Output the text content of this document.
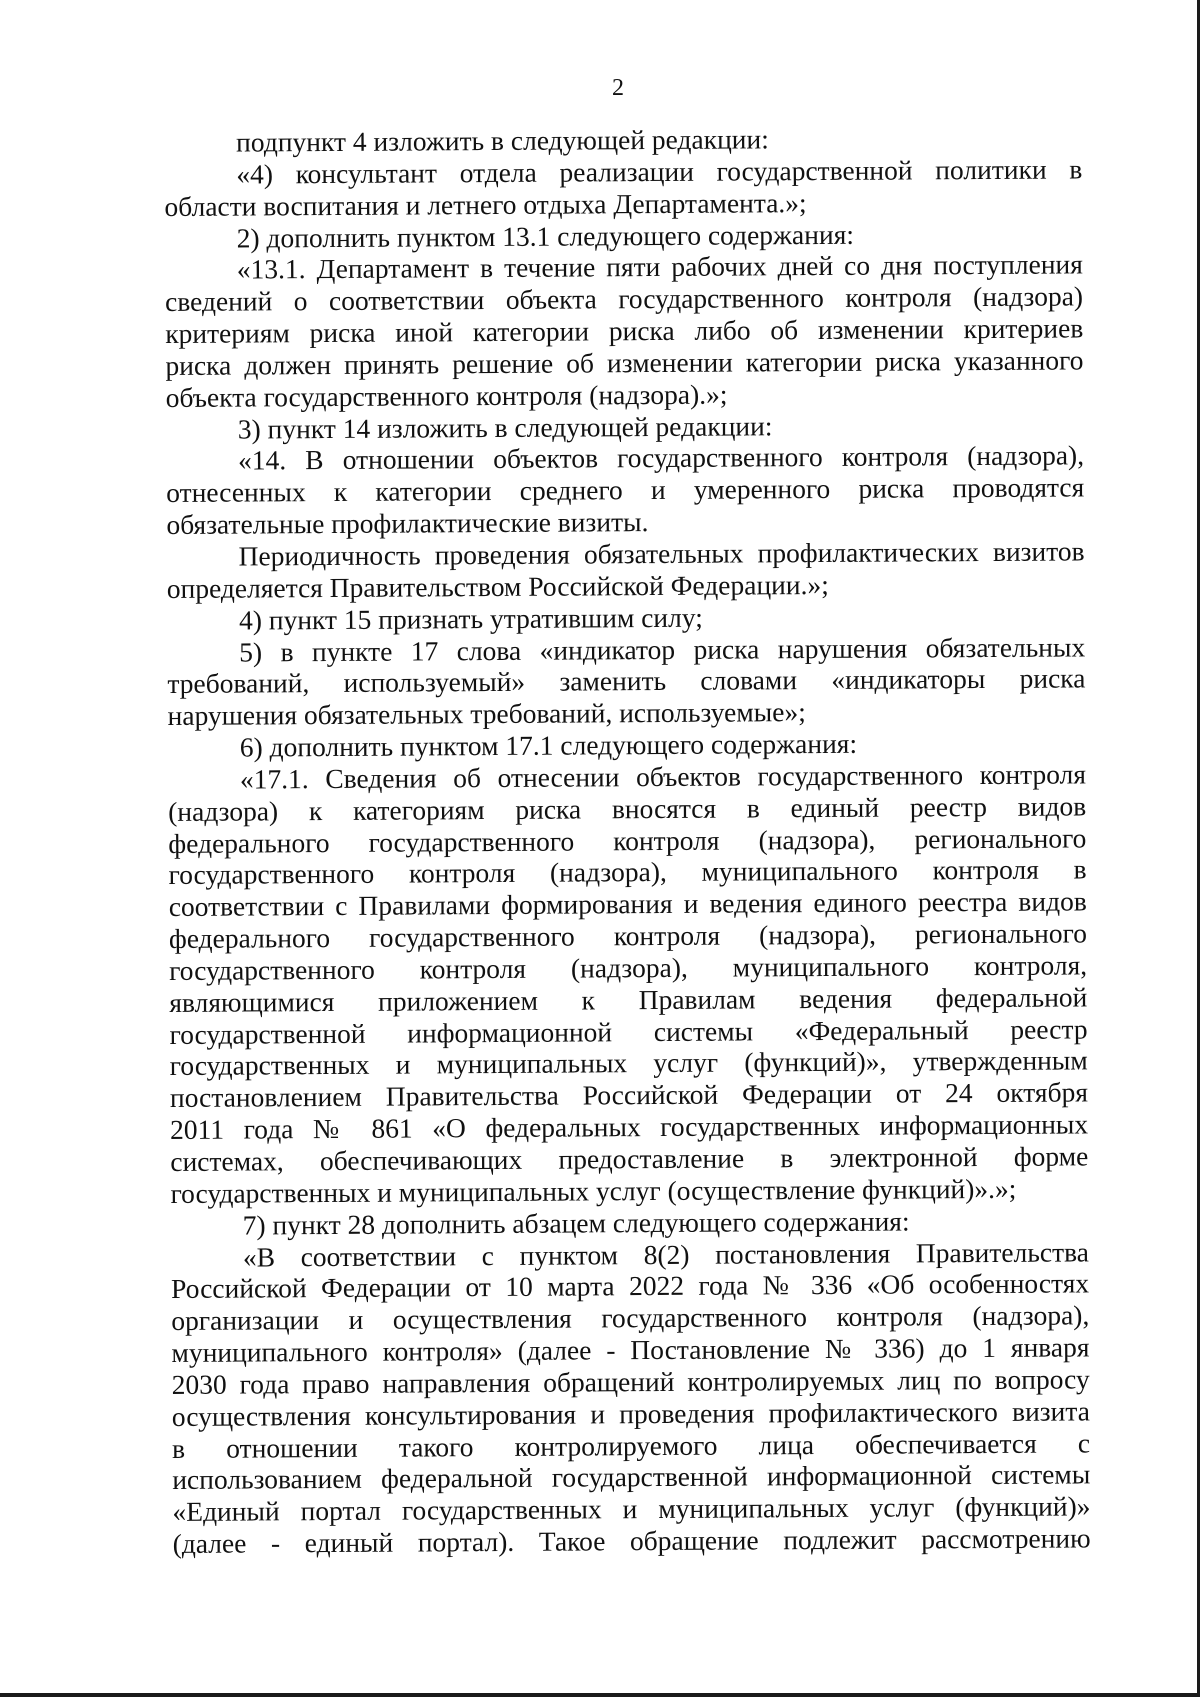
2
подпункт 4 изложить в следующей редакции:
«4) консультант отдела реализации государственной политики в
области воспитания и летнего отдыха Департамента.»;
2) дополнить пунктом 13.1 следующего содержания:
«13.1. Департамент в течение пяти рабочих дней со дня поступления
сведений о соответствии объекта государственного контроля (надзора)
критериям риска иной категории риска либо об изменении критериев
риска должен принять решение об изменении категории риска указанного
объекта государственного контроля (надзора).»;
3) пункт 14 изложить в следующей редакции:
«14. В отношении объектов государственного контроля (надзора),
отнесенных к категории среднего и умеренного риска проводятся
обязательные профилактические визиты.
Периодичность проведения обязательных профилактических визитов
определяется Правительством Российской Федерации.»;
4) пункт 15 признать утратившим силу;
5) в пункте 17 слова «индикатор риска нарушения обязательных
требований, используемый» заменить словами «индикаторы риска
нарушения обязательных требований, используемые»;
6) дополнить пунктом 17.1 следующего содержания:
«17.1. Сведения об отнесении объектов государственного контроля
(надзора) к категориям риска вносятся в единый реестр видов
федерального государственного контроля (надзора), регионального
государственного контроля (надзора), муниципального контроля в
соответствии с Правилами формирования и ведения единого реестра видов
федерального государственного контроля (надзора), регионального
государственного контроля (надзора), муниципального контроля,
являющимися приложением к Правилам ведения федеральной
государственной информационной системы «Федеральный реестр
государственных и муниципальных услуг (функций)», утвержденным
постановлением Правительства Российской Федерации от 24 октября
2011 года № 861 «О федеральных государственных информационных
системах, обеспечивающих предоставление в электронной форме
государственных и муниципальных услуг (осуществление функций)».»;
7) пункт 28 дополнить абзацем следующего содержания:
«В соответствии с пунктом 8(2) постановления Правительства
Российской Федерации от 10 марта 2022 года № 336 «Об особенностях
организации и осуществления государственного контроля (надзора),
муниципального контроля» (далее - Постановление № 336) до 1 января
2030 года право направления обращений контролируемых лиц по вопросу
осуществления консультирования и проведения профилактического визита
в отношении такого контролируемого лица обеспечивается с
использованием федеральной государственной информационной системы
«Единый портал государственных и муниципальных услуг (функций)»
(далее - единый портал). Такое обращение подлежит рассмотрению
